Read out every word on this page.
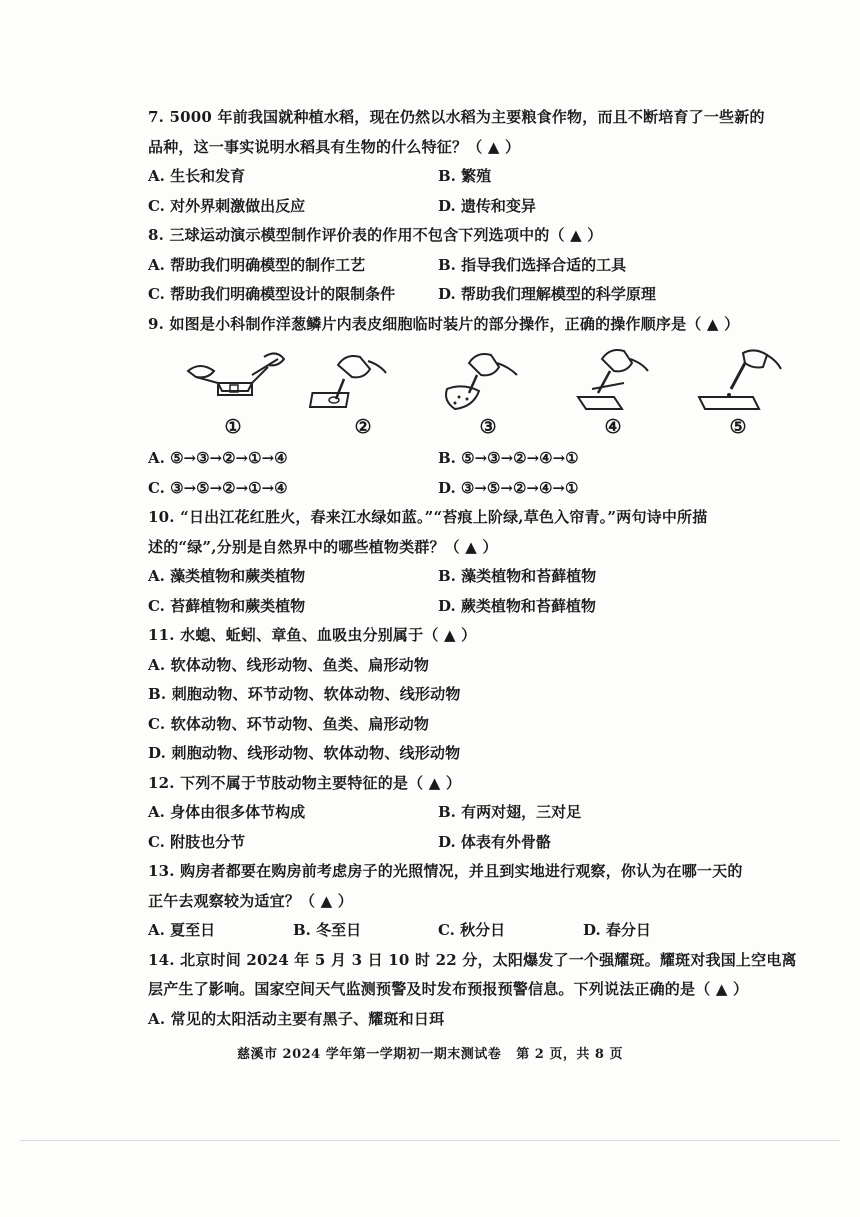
7. 5000 年前我国就种植水稻，现在仍然以水稻为主要粮食作物，而且不断培育了一些新的
品种，这一事实说明水稻具有生物的什么特征？（ ▲ ）
A. 生长和发育	B. 繁殖
C. 对外界刺激做出反应	D. 遗传和变异
8. 三球运动演示模型制作评价表的作用不包含下列选项中的（ ▲ ）
A. 帮助我们明确模型的制作工艺	B. 指导我们选择合适的工具
C. 帮助我们明确模型设计的限制条件	D. 帮助我们理解模型的科学原理
9. 如图是小科制作洋葱鳞片内表皮细胞临时装片的部分操作，正确的操作顺序是（ ▲ ）
①	②	③	④	⑤
A. ⑤→③→②→①→④	B. ⑤→③→②→④→①
C. ③→⑤→②→①→④	D. ③→⑤→②→④→①
10. “日出江花红胜火，春来江水绿如蓝。”“苔痕上阶绿,草色入帘青。”两句诗中所描
述的“绿”,分别是自然界中的哪些植物类群？（ ▲ ）
A. 藻类植物和蕨类植物	B. 藻类植物和苔藓植物
C. 苔藓植物和蕨类植物	D. 蕨类植物和苔藓植物
11. 水螅、蚯蚓、章鱼、血吸虫分别属于（ ▲ ）
A. 软体动物、线形动物、鱼类、扁形动物
B. 刺胞动物、环节动物、软体动物、线形动物
C. 软体动物、环节动物、鱼类、扁形动物
D. 刺胞动物、线形动物、软体动物、线形动物
12. 下列不属于节肢动物主要特征的是（ ▲ ）
A. 身体由很多体节构成	B. 有两对翅，三对足
C. 附肢也分节	D. 体表有外骨骼
13. 购房者都要在购房前考虑房子的光照情况，并且到实地进行观察，你认为在哪一天的
正午去观察较为适宜？（ ▲ ）
A. 夏至日	B. 冬至日	C. 秋分日	D. 春分日
14. 北京时间 2024 年 5 月 3 日 10 时 22 分，太阳爆发了一个强耀斑。耀斑对我国上空电离
层产生了影响。国家空间天气监测预警及时发布预报预警信息。下列说法正确的是（ ▲ ）
A. 常见的太阳活动主要有黑子、耀斑和日珥
慈溪市 2024 学年第一学期初一期末测试卷 第 2 页，共 8 页
